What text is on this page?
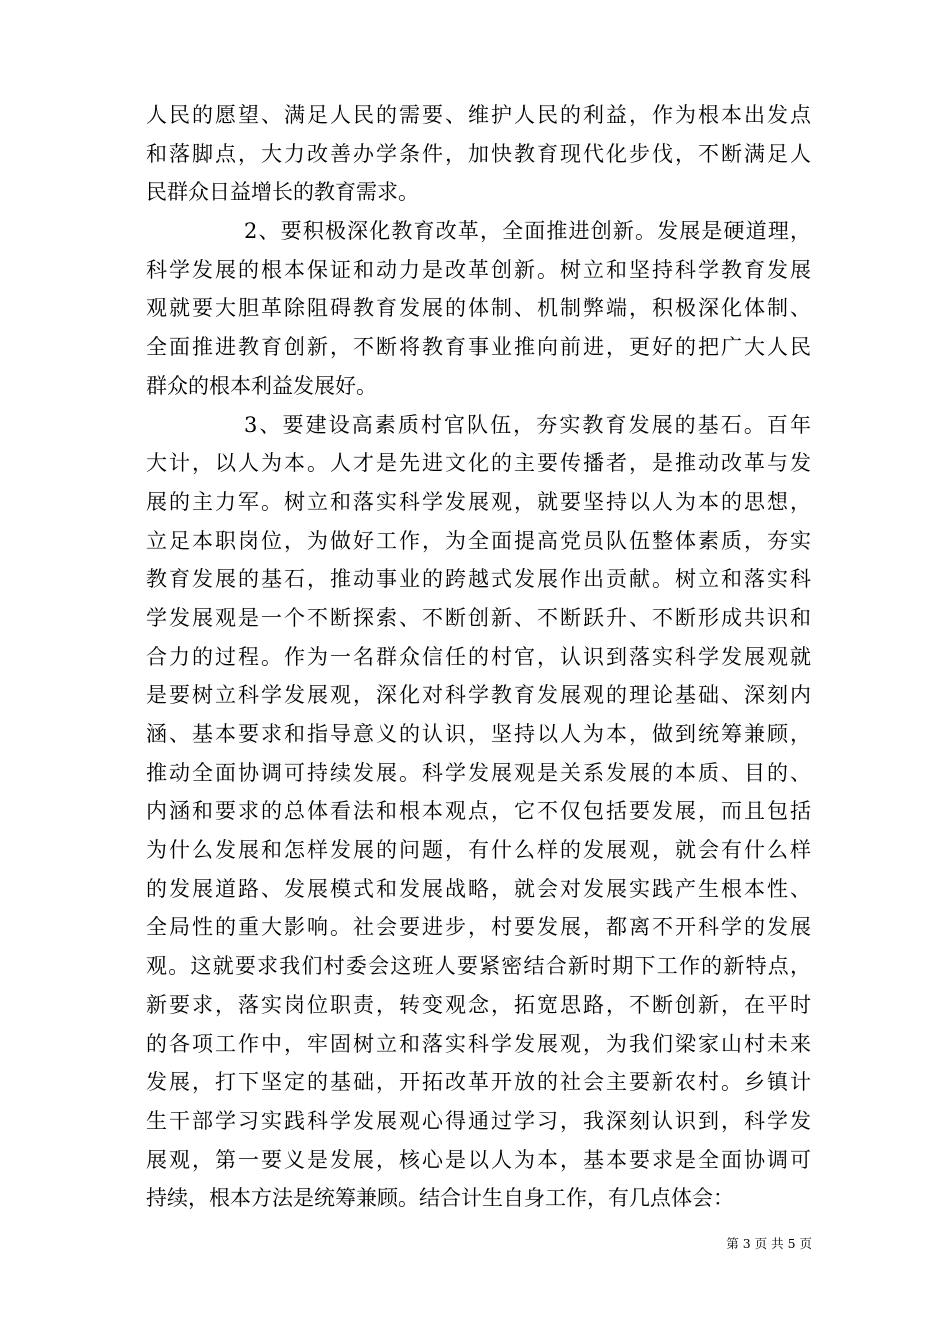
人民的愿望、满足人民的需要、维护人民的利益，作为根本出发点
和落脚点，大力改善办学条件，加快教育现代化步伐，不断满足人
民群众日益增长的教育需求。
2、要积极深化教育改革，全面推进创新。发展是硬道理，
科学发展的根本保证和动力是改革创新。树立和坚持科学教育发展
观就要大胆革除阻碍教育发展的体制、机制弊端，积极深化体制、
全面推进教育创新，不断将教育事业推向前进，更好的把广大人民
群众的根本利益发展好。
3、要建设高素质村官队伍，夯实教育发展的基石。百年
大计，以人为本。人才是先进文化的主要传播者，是推动改革与发
展的主力军。树立和落实科学发展观，就要坚持以人为本的思想，
立足本职岗位，为做好工作，为全面提高党员队伍整体素质，夯实
教育发展的基石，推动事业的跨越式发展作出贡献。树立和落实科
学发展观是一个不断探索、不断创新、不断跃升、不断形成共识和
合力的过程。作为一名群众信任的村官，认识到落实科学发展观就
是要树立科学发展观，深化对科学教育发展观的理论基础、深刻内
涵、基本要求和指导意义的认识，坚持以人为本，做到统筹兼顾，
推动全面协调可持续发展。科学发展观是关系发展的本质、目的、
内涵和要求的总体看法和根本观点，它不仅包括要发展，而且包括
为什么发展和怎样发展的问题，有什么样的发展观，就会有什么样
的发展道路、发展模式和发展战略，就会对发展实践产生根本性、
全局性的重大影响。社会要进步，村要发展，都离不开科学的发展
观。这就要求我们村委会这班人要紧密结合新时期下工作的新特点，
新要求，落实岗位职责，转变观念，拓宽思路，不断创新，在平时
的各项工作中，牢固树立和落实科学发展观，为我们梁家山村未来
发展，打下坚定的基础，开拓改革开放的社会主要新农村。乡镇计
生干部学习实践科学发展观心得通过学习，我深刻认识到，科学发
展观，第一要义是发展，核心是以人为本，基本要求是全面协调可
持续，根本方法是统筹兼顾。结合计生自身工作，有几点体会：
第 3 页 共 5 页
